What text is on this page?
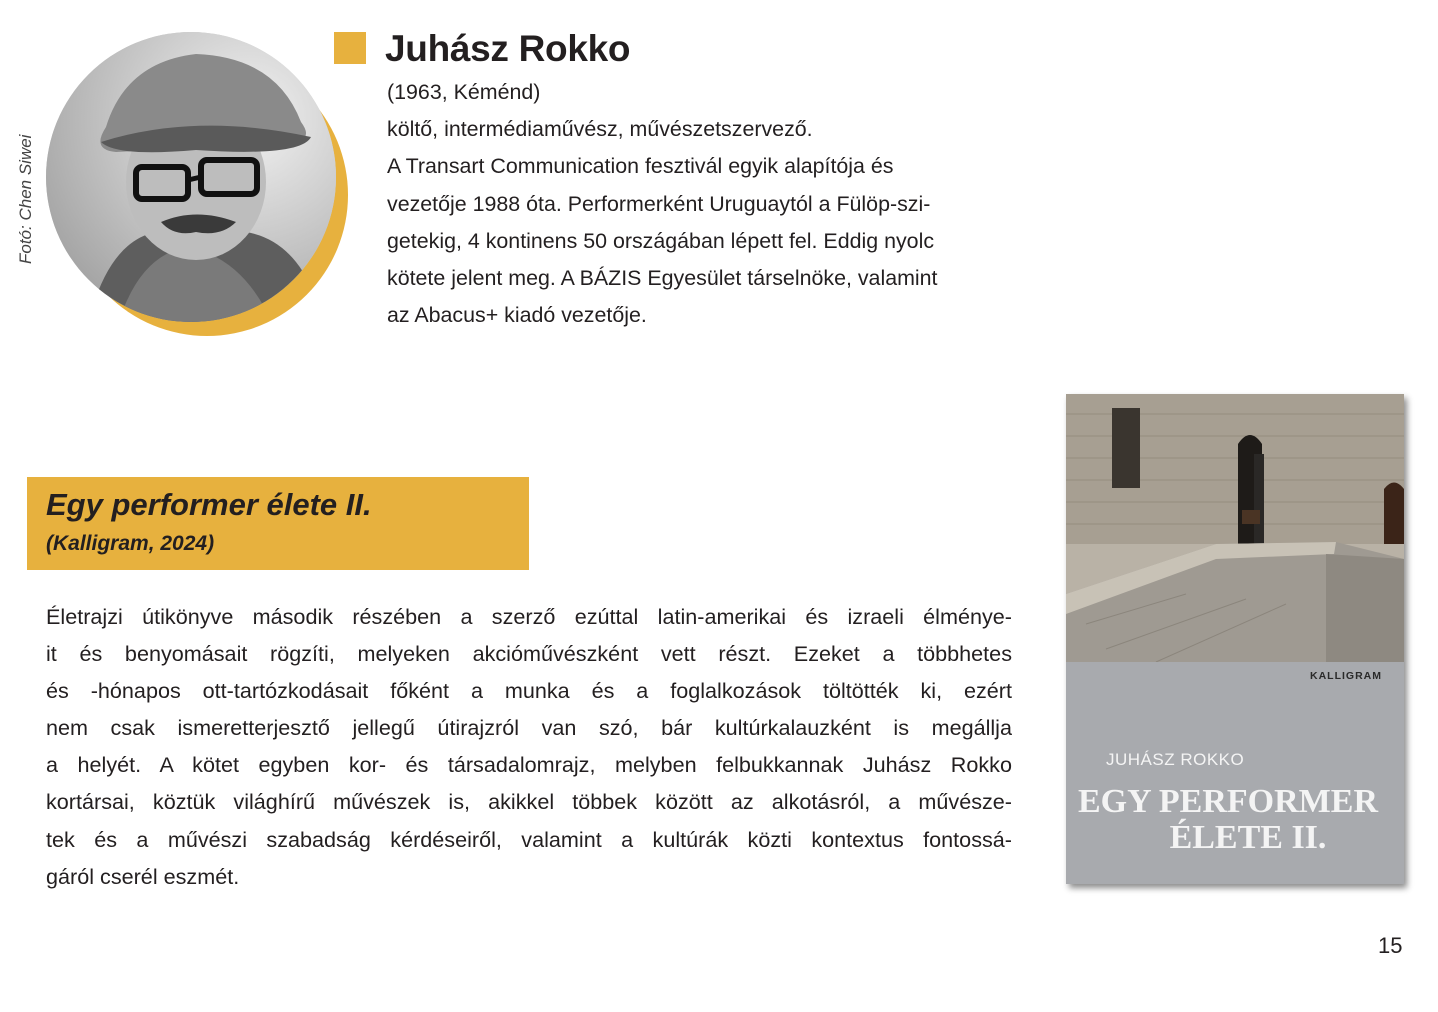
Fotó: Chen Siwei
Juhász Rokko
(1963, Kéménd)
költő, intermédiaművész, művészetszervező.
A Transart Communication fesztivál egyik alapítója és
vezetője 1988 óta. Performerként Uruguaytól a Fülöp-szi-
getekig, 4 kontinens 50 országában lépett fel. Eddig nyolc
kötete jelent meg. A BÁZIS Egyesület társelnöke, valamint
az Abacus+ kiadó vezetője.
Egy performer élete II.
(Kalligram, 2024)
Életrajzi útikönyve második részében a szerző ezúttal latin-amerikai és izraeli élménye-
it és benyomásait rögzíti, melyeken akcióművészként vett részt. Ezeket a többhetes
és -hónapos ott-tartózkodásait főként a munka és a foglalkozások töltötték ki, ezért
nem csak ismeretterjesztő jellegű útirajzról van szó, bár kultúrkalauzként is megállja
a helyét. A kötet egyben kor- és társadalomrajz, melyben felbukkannak Juhász Rokko
kortársai, köztük világhírű művészek is, akikkel többek között az alkotásról, a művésze-
tek és a művészi szabadság kérdéseiről, valamint a kultúrák közti kontextus fontossá-
gáról cserél eszmét.
KALLIGRAM
JUHÁSZ ROKKO
EGY PERFORMER
ÉLETE II.
15
